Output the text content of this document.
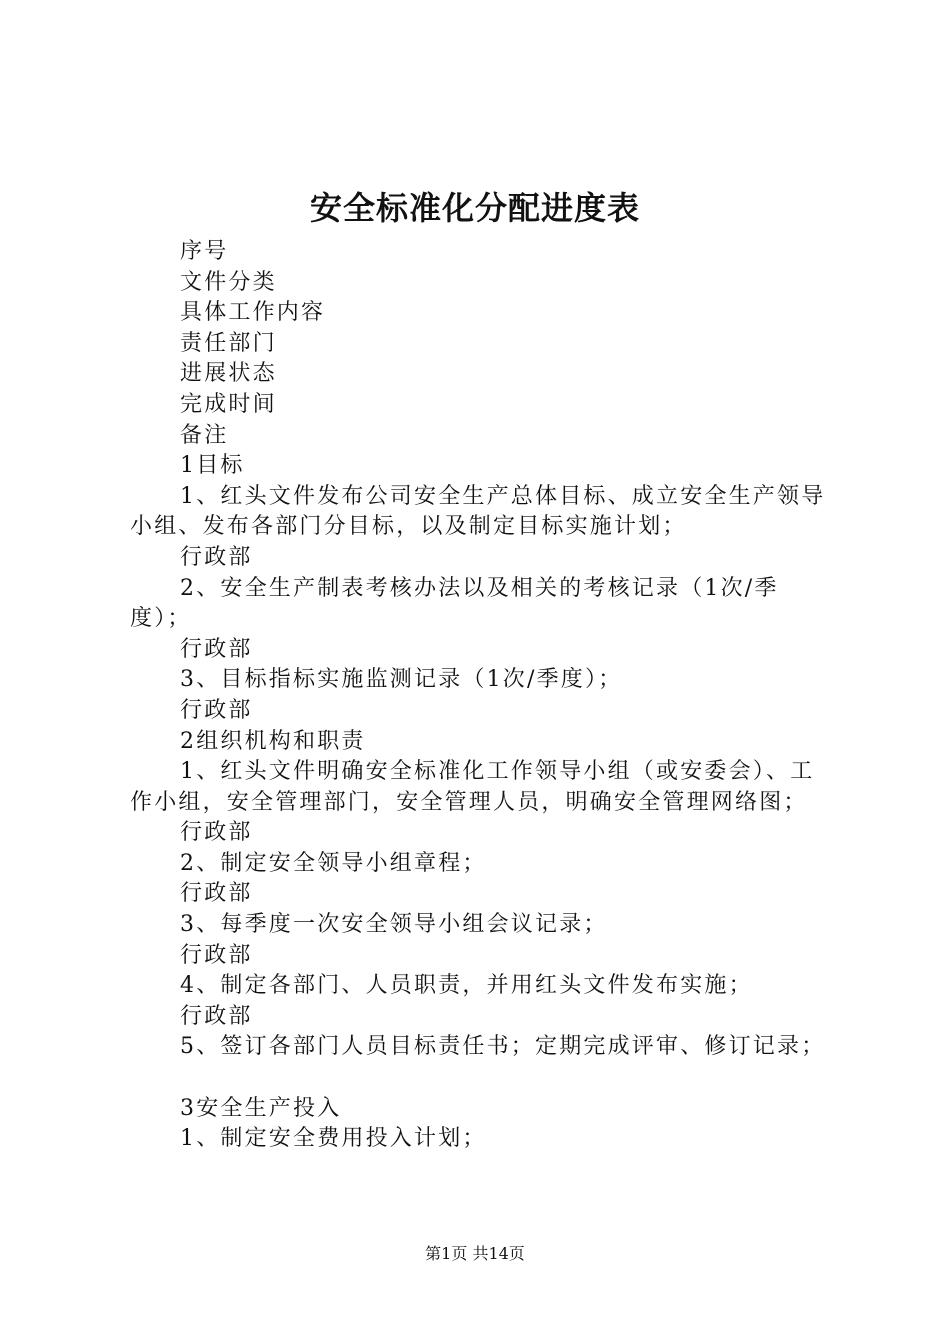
安全标准化分配进度表
序号
文件分类
具体工作内容
责任部门
进展状态
完成时间
备注
1目标
1、红头文件发布公司安全生产总体目标、成立安全生产领导小组、发布各部门分目标，以及制定目标实施计划；
行政部
2、安全生产制表考核办法以及相关的考核记录（1次/季度）；
行政部
3、目标指标实施监测记录（1次/季度）；
行政部
2组织机构和职责
1、红头文件明确安全标准化工作领导小组（或安委会）、工作小组，安全管理部门，安全管理人员，明确安全管理网络图；
行政部
2、制定安全领导小组章程；
行政部
3、每季度一次安全领导小组会议记录；
行政部
4、制定各部门、人员职责，并用红头文件发布实施；
行政部
5、签订各部门人员目标责任书；定期完成评审、修订记录；
3安全生产投入
1、制定安全费用投入计划；
第1页 共14页
